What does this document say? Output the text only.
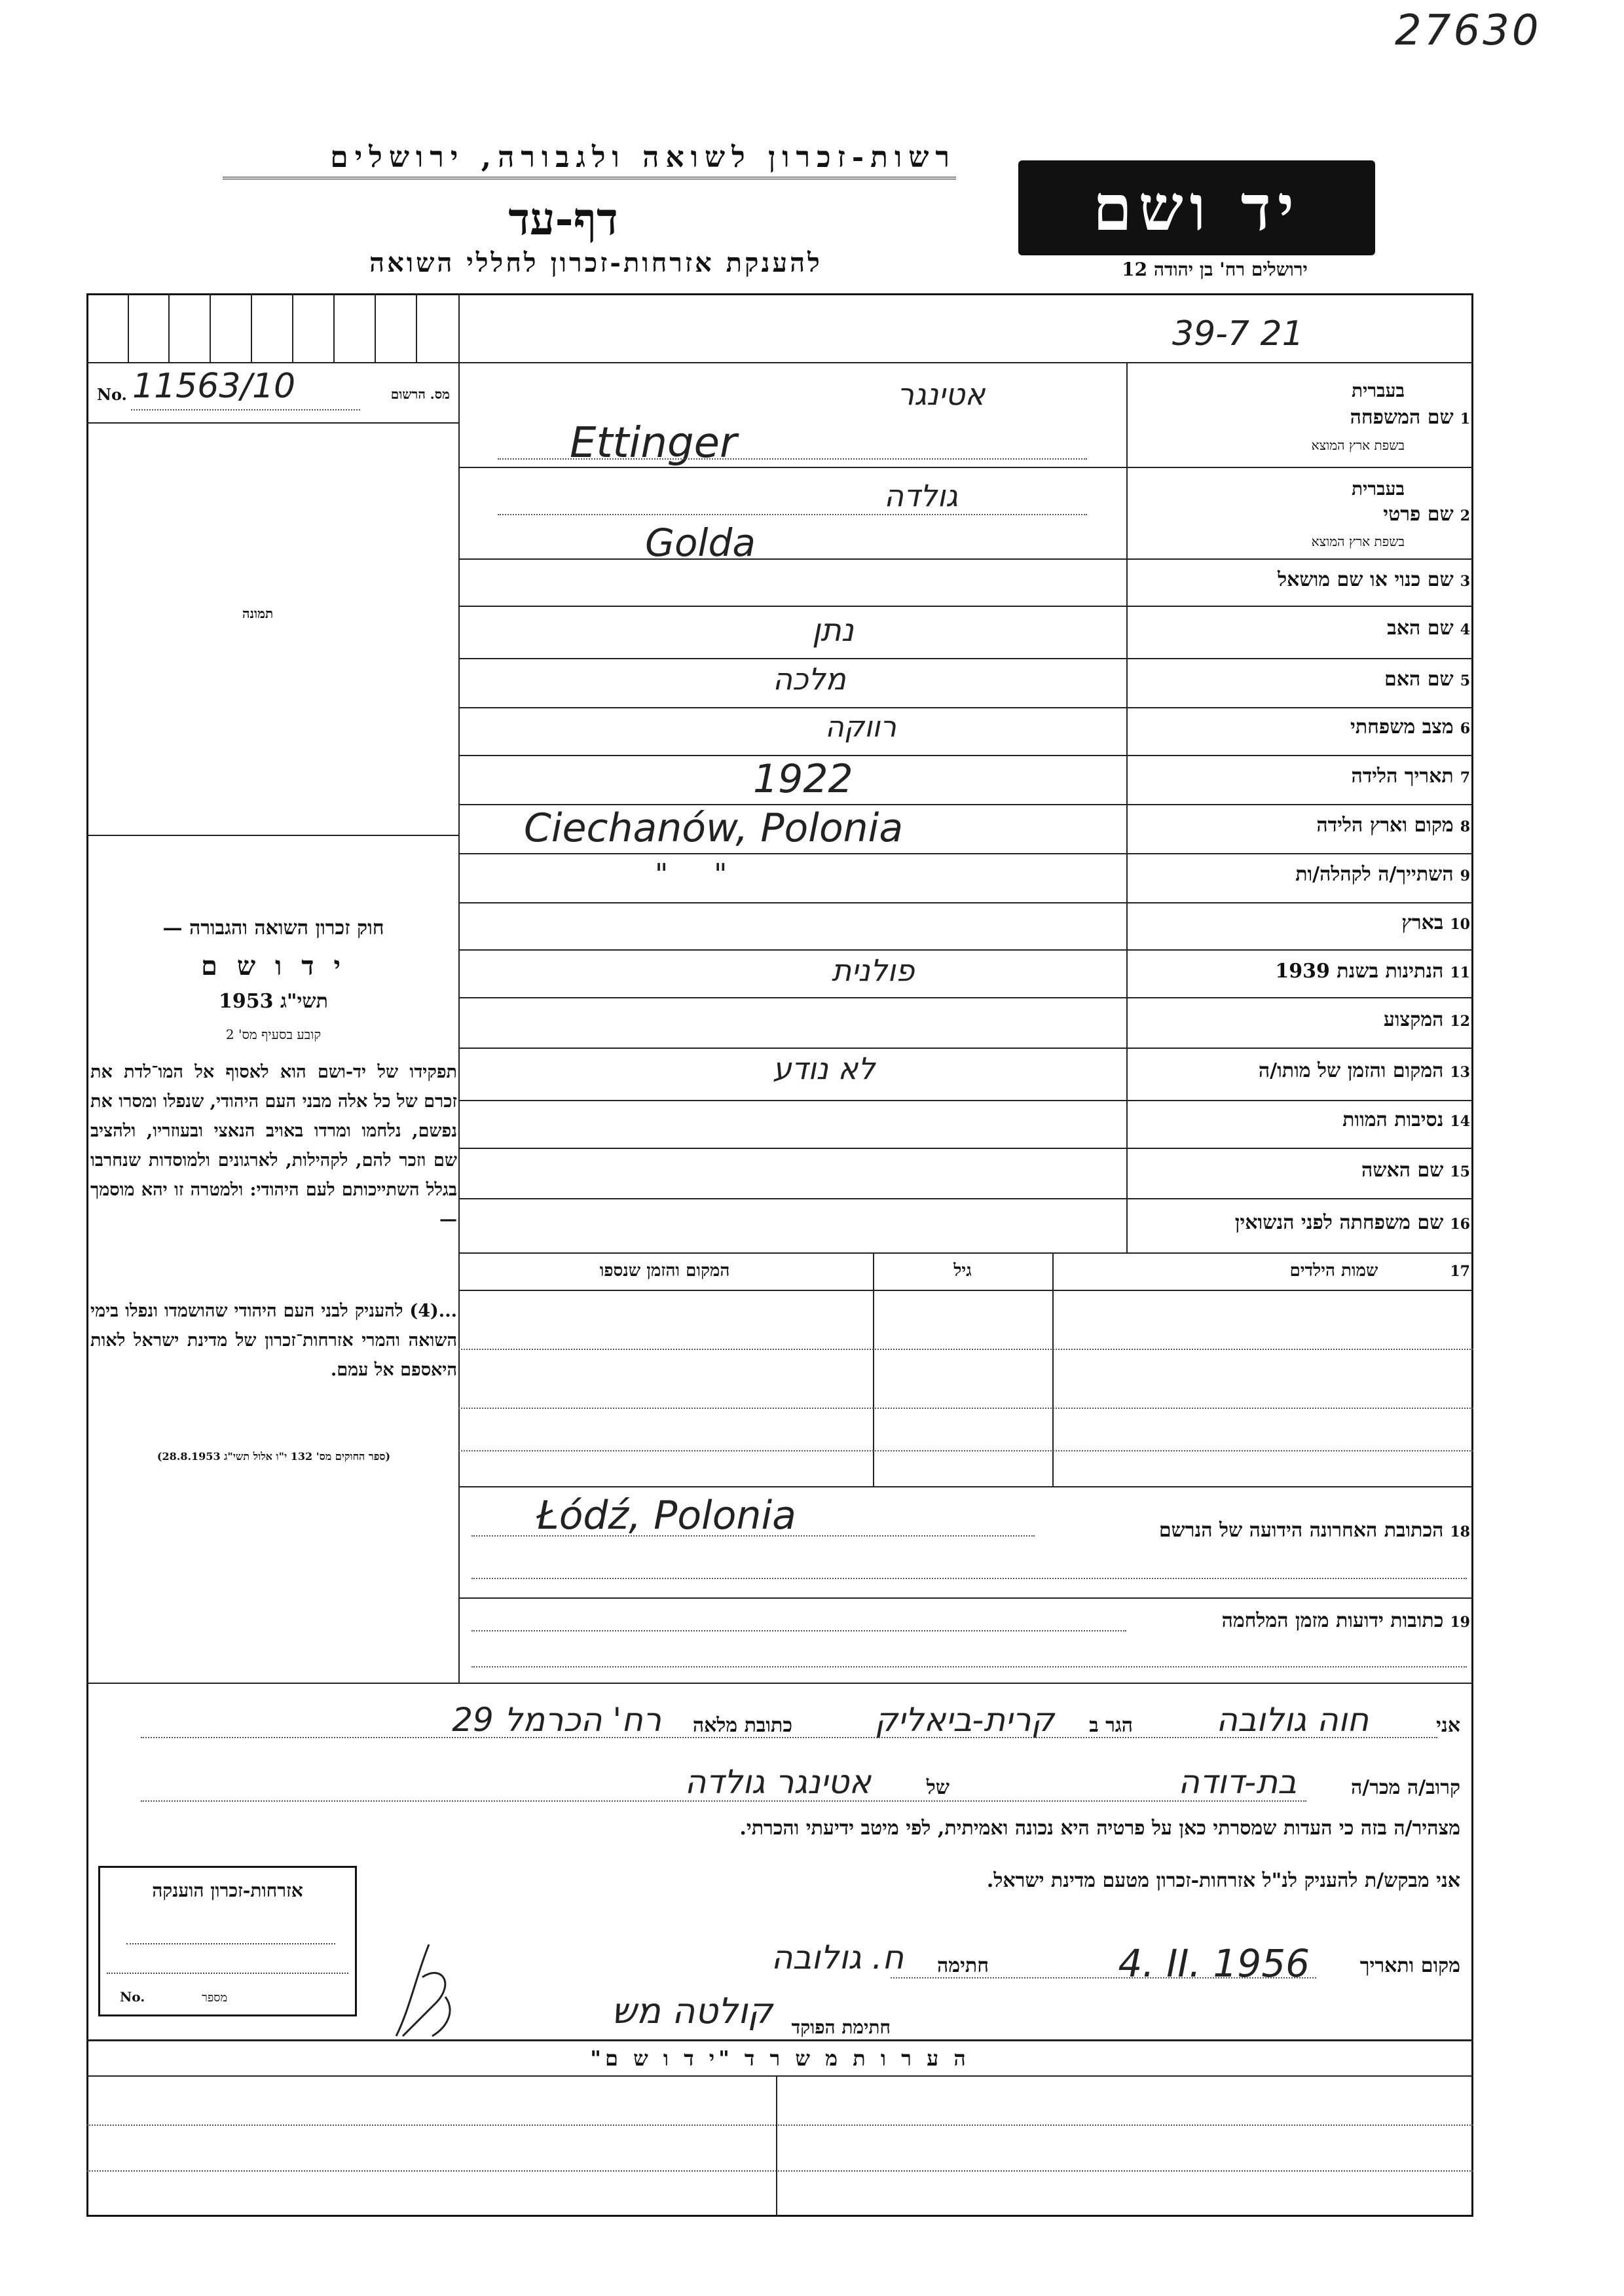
27630
רשות-זכרון לשואה ולגבורה, ירושלים
דף-עד
להענקת אזרחות-זכרון לחללי השואה
יד ושם
ירושלים רח' בן יהודה 12
39-7 21
No. 11563/10	מס. הרשום
תמונה
חוק זכרון השואה והגבורה —
י ד ו ש ם
תשי"ג 1953
קובע בסעיף מס' 2
תפקידו של יד-ושם הוא לאסוף אל המו־לדת את זכרם של כל אלה מבני העם היהודי, שנפלו ומסרו את נפשם, נלחמו ומרדו באויב הנאצי ובעוזריו, ולהציב שם וזכר להם, לקהילות, לארגונים ולמוסדות שנחרבו בגלל השתייכותם לעם היהודי: ולמטרה זו יהא מוסמך —
...(4) להעניק לבני העם היהודי שהושמדו ונפלו בימי השואה והמרי אזרחות־זכרון של מדינת ישראל לאות היאספם אל עמם.
(ספר החוקים מס' 132 י"ו אלול תשי"ג 28.8.1953)
1שם המשפחה
בעברית
בשפת ארץ המוצא
אטינגר
Ettinger
2שם פרטי
בעברית
בשפת ארץ המוצא
גולדה
Golda
3שם כנוי או שם מושאל
4שם האב
5שם האם
6מצב משפחתי
7תאריך הלידה
8מקום וארץ הלידה
9השתייך/ה לקהלה/ות
10בארץ
11הנתינות בשנת 1939
12המקצוע
13המקום והזמן של מותו/ה
14נסיבות המוות
15שם האשה
16שם משפחתה לפני הנשואין
נתן
מלכה
רווקה
1922
Ciechanów, Polonia
"     "
פולנית
לא נודע
17שמות הילדים
גיל
המקום והזמן שנספו
18הכתובת האחרונה הידועה של הנרשם
Łódź, Polonia
19כתובות ידועות מזמן המלחמה
אני
חוה גולובה
הגר ב
קרית-ביאליק
כתובת מלאה
רח' הכרמל 29
קרוב/ה מכר/ה
בת-דודה
של
אטינגר גולדה
מצהיר/ה בזה כי העדות שמסרתי כאן על פרטיה היא נכונה ואמיתית, לפי מיטב ידיעתי והכרתי.
אני מבקש/ת להעניק לנ"ל אזרחות-זכרון מטעם מדינת ישראל.
מקום ותאריך
4. II. 1956
חתימה
ח. גולובה
חתימת הפוקד
קולטה מש
אזרחות-זכרון הוענקה
No.	מספר
ה ע ר ו ת מ ש ר ד "י ד ו ש ם"
